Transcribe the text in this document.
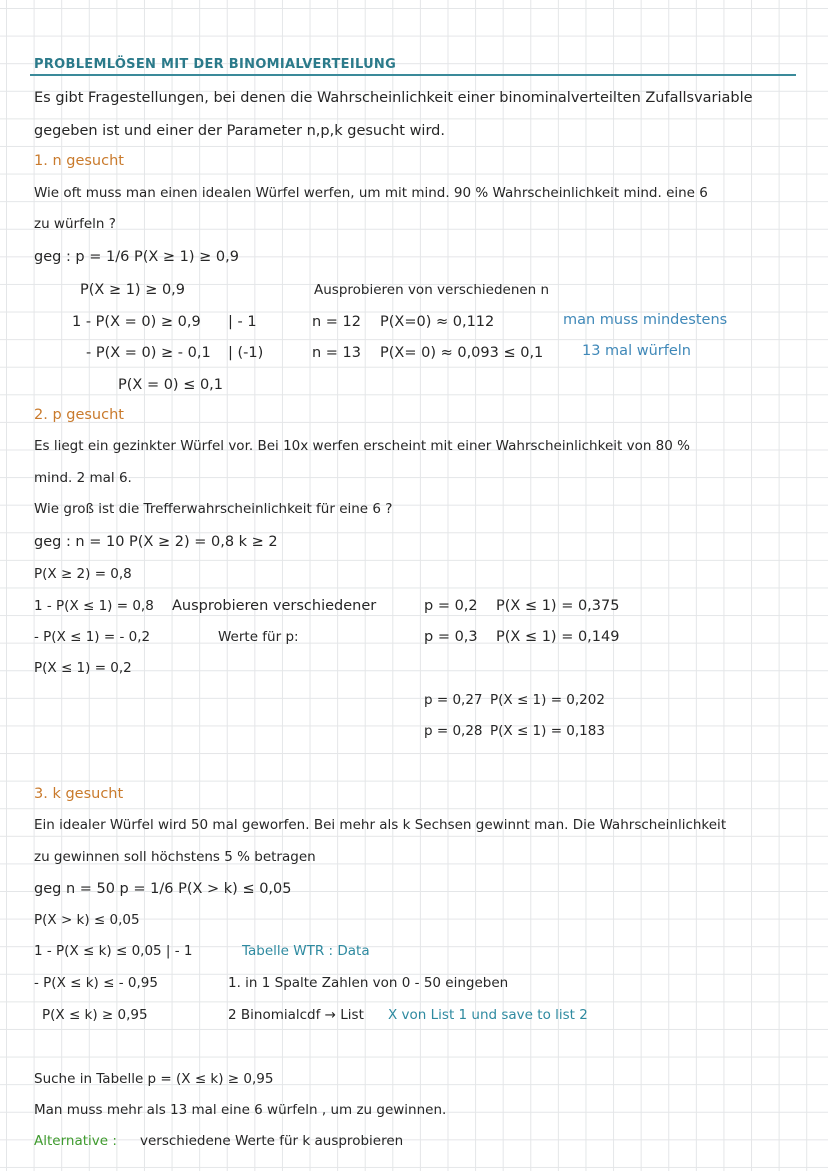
PROBLEMLÖSEN MIT DER BINOMIALVERTEILUNG
Es gibt Fragestellungen, bei denen die Wahrscheinlichkeit einer binominalverteilten Zufallsvariable
gegeben ist und einer der Parameter n,p,k gesucht wird.
1. n gesucht
Wie oft muss man einen idealen Würfel werfen, um mit mind. 90 % Wahrscheinlichkeit mind. eine 6
zu würfeln ?
geg : p = 1/6 P(X ≥ 1) ≥ 0,9
P(X ≥ 1) ≥ 0,9
1 - P(X = 0) ≥ 0,9
- P(X = 0) ≥ - 0,1
P(X = 0) ≤ 0,1
| - 1
| (-1)
Ausprobieren von verschiedenen n
n = 12 P(X=0) ≈ 0,112
n = 13 P(X= 0) ≈ 0,093 ≤ 0,1
man muss mindestens
13 mal würfeln
2. p gesucht
Es liegt ein gezinkter Würfel vor. Bei 10x werfen erscheint mit einer Wahrscheinlichkeit von 80 %
mind. 2 mal 6.
Wie groß ist die Trefferwahrscheinlichkeit für eine 6 ?
geg : n = 10 P(X ≥ 2) = 0,8 k ≥ 2
P(X ≥ 2) = 0,8
1 - P(X ≤ 1) = 0,8
- P(X ≤ 1) = - 0,2
P(X ≤ 1) = 0,2
Ausprobieren verschiedener
Werte für p:
p = 0,2 P(X ≤ 1) = 0,375
p = 0,3 P(X ≤ 1) = 0,149
p = 0,27 P(X ≤ 1) = 0,202
p = 0,28 P(X ≤ 1) = 0,183
3. k gesucht
Ein idealer Würfel wird 50 mal geworfen. Bei mehr als k Sechsen gewinnt man. Die Wahrscheinlichkeit
zu gewinnen soll höchstens 5 % betragen
geg n = 50 p = 1/6 P(X > k) ≤ 0,05
P(X > k) ≤ 0,05
1 - P(X ≤ k) ≤ 0,05 | - 1
- P(X ≤ k) ≤ - 0,95
P(X ≤ k) ≥ 0,95
Tabelle WTR : Data
1. in 1 Spalte Zahlen von 0 - 50 eingeben
2 Binomialcdf → List X von List 1 und save to list 2
Suche in Tabelle p = (X ≤ k) ≥ 0,95
Man muss mehr als 13 mal eine 6 würfeln , um zu gewinnen.
Alternative : verschiedene Werte für k ausprobieren
